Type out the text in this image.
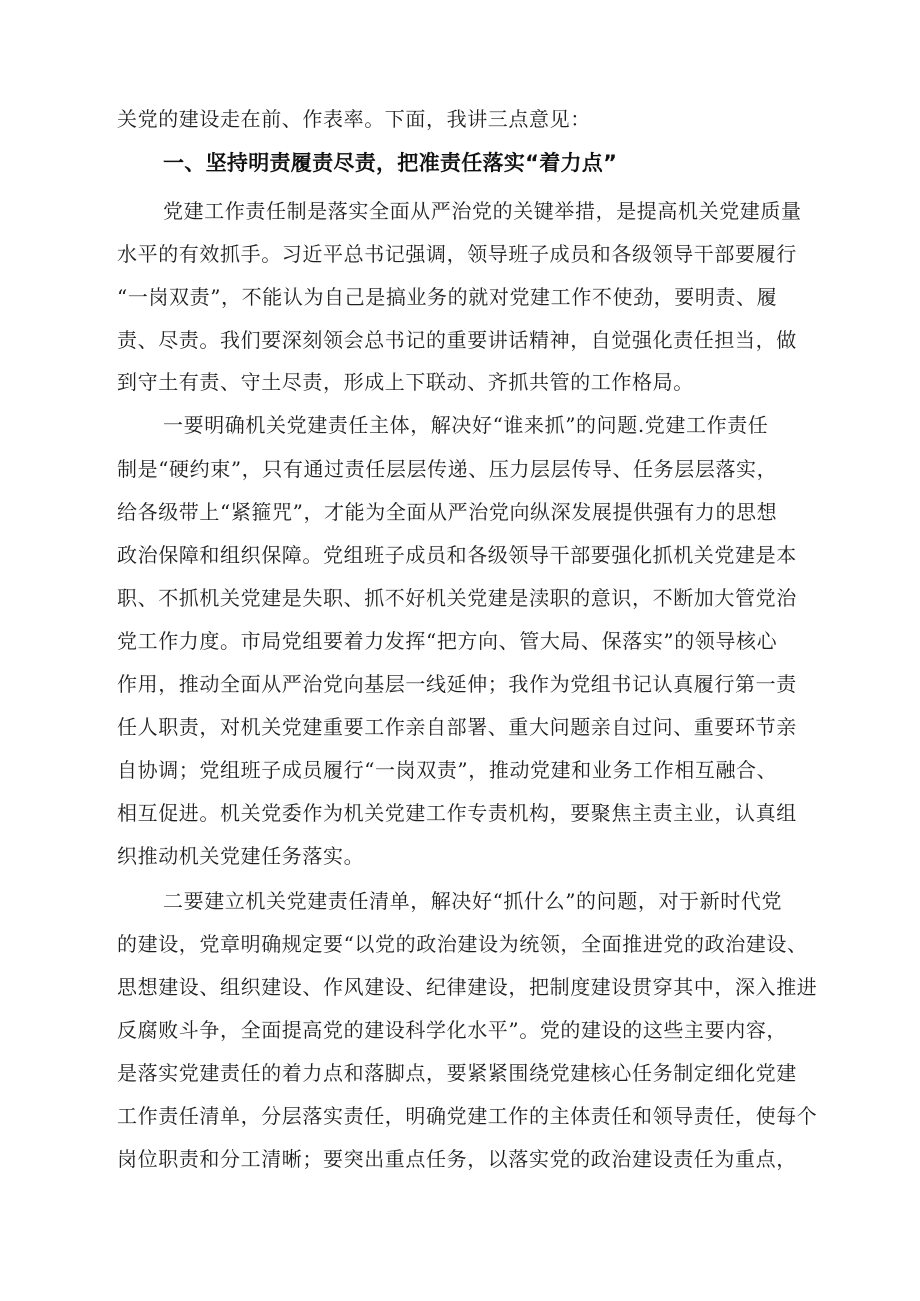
关党的建设走在前、作表率。下面，我讲三点意见：
一、坚持明责履责尽责，把准责任落实“着力点”
党建工作责任制是落实全面从严治党的关键举措，是提高机关党建质量
水平的有效抓手。习近平总书记强调，领导班子成员和各级领导干部要履行
“一岗双责”，不能认为自己是搞业务的就对党建工作不使劲，要明责、履
责、尽责。我们要深刻领会总书记的重要讲话精神，自觉强化责任担当，做
到守土有责、守土尽责，形成上下联动、齐抓共管的工作格局。
一要明确机关党建责任主体，解决好“谁来抓”的问题.党建工作责任
制是“硬约束”，只有通过责任层层传递、压力层层传导、任务层层落实，
给各级带上“紧箍咒”，才能为全面从严治党向纵深发展提供强有力的思想
政治保障和组织保障。党组班子成员和各级领导干部要强化抓机关党建是本
职、不抓机关党建是失职、抓不好机关党建是渎职的意识，不断加大管党治
党工作力度。市局党组要着力发挥“把方向、管大局、保落实”的领导核心
作用，推动全面从严治党向基层一线延伸；我作为党组书记认真履行第一责
任人职责，对机关党建重要工作亲自部署、重大问题亲自过问、重要环节亲
自协调；党组班子成员履行“一岗双责”，推动党建和业务工作相互融合、
相互促进。机关党委作为机关党建工作专责机构，要聚焦主责主业，认真组
织推动机关党建任务落实。
二要建立机关党建责任清单，解决好“抓什么”的问题，对于新时代党
的建设，党章明确规定要“以党的政治建设为统领，全面推进党的政治建设、
思想建设、组织建设、作风建设、纪律建设，把制度建设贯穿其中，深入推进
反腐败斗争，全面提高党的建设科学化水平”。党的建设的这些主要内容，
是落实党建责任的着力点和落脚点，要紧紧围绕党建核心任务制定细化党建
工作责任清单，分层落实责任，明确党建工作的主体责任和领导责任，使每个
岗位职责和分工清晰；要突出重点任务，以落实党的政治建设责任为重点，
